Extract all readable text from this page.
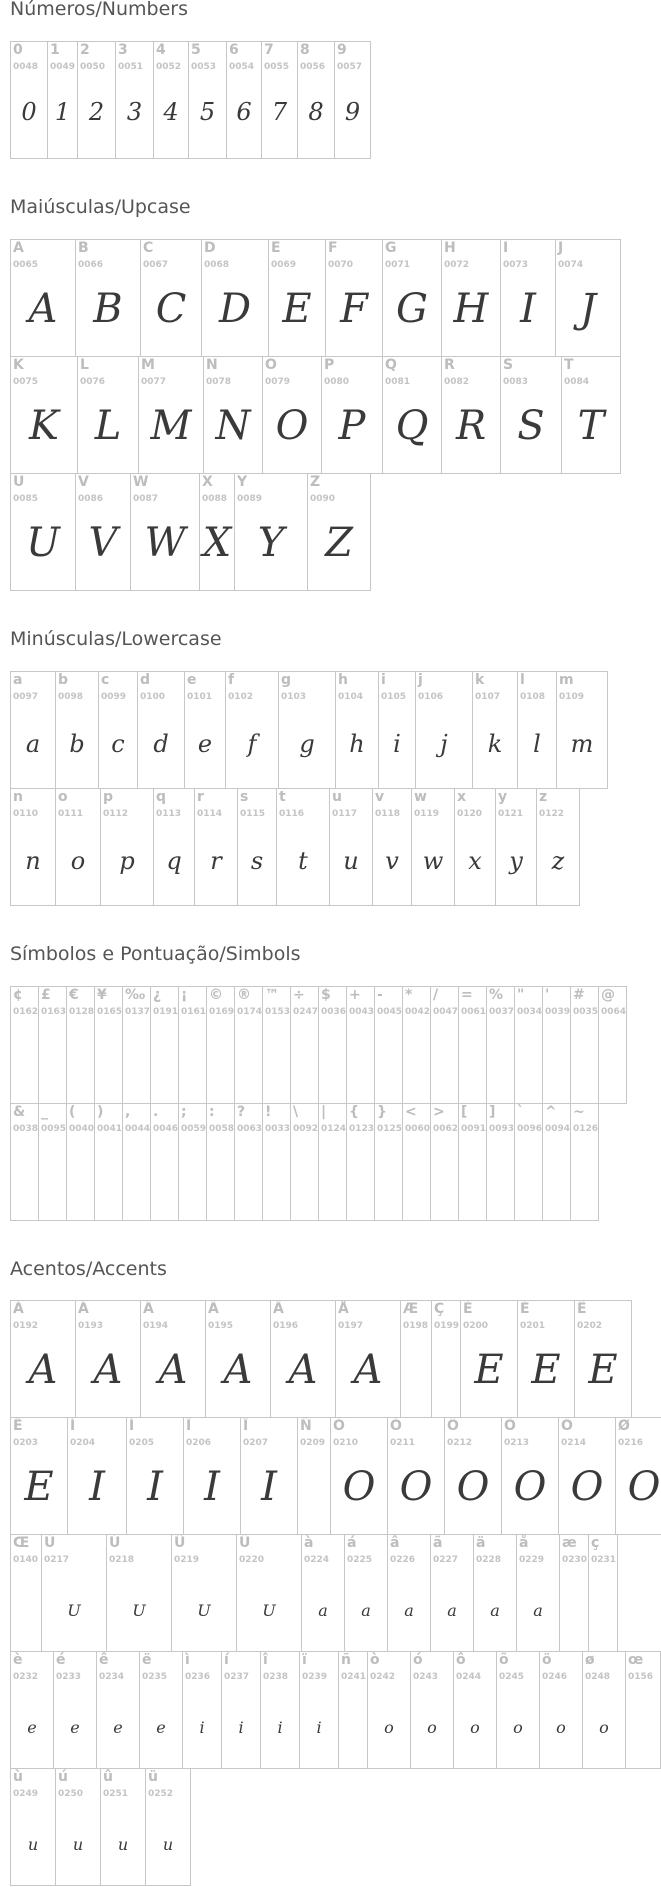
Números/Numbers
0
0048
0
1
0049
1
2
0050
2
3
0051
3
4
0052
4
5
0053
5
6
0054
6
7
0055
7
8
0056
8
9
0057
9
Maiúsculas/Upcase
A
0065
A
B
0066
B
C
0067
C
D
0068
D
E
0069
E
F
0070
F
G
0071
G
H
0072
H
I
0073
I
J
0074
J
K
0075
K
L
0076
L
M
0077
M
N
0078
N
O
0079
O
P
0080
P
Q
0081
Q
R
0082
R
S
0083
S
T
0084
T
U
0085
U
V
0086
V
W
0087
W
X
0088
X
Y
0089
Y
Z
0090
Z
Minúsculas/Lowercase
a
0097
a
b
0098
b
c
0099
c
d
0100
d
e
0101
e
f
0102
f
g
0103
g
h
0104
h
i
0105
i
j
0106
j
k
0107
k
l
0108
l
m
0109
m
n
0110
n
o
0111
o
p
0112
p
q
0113
q
r
0114
r
s
0115
s
t
0116
t
u
0117
u
v
0118
v
w
0119
w
x
0120
x
y
0121
y
z
0122
z
Símbolos e Pontuação/Simbols
¢
0162
£
0163
€
0128
¥
0165
‰
0137
¿
0191
¡
0161
©
0169
®
0174
™
0153
÷
0247
$
0036
+
0043
-
0045
*
0042
/
0047
=
0061
%
0037
"
0034
'
0039
#
0035
@
0064
&
0038
_
0095
(
0040
)
0041
,
0044
.
0046
;
0059
:
0058
?
0063
!
0033
\
0092
|
0124
{
0123
}
0125
<
0060
>
0062
[
0091
]
0093
`
0096
^
0094
~
0126
Acentos/Accents
À
0192
A
Á
0193
A
Â
0194
A
Ã
0195
A
Ä
0196
A
Å
0197
A
Æ
0198
Ç
0199
È
0200
E
É
0201
E
Ê
0202
E
Ë
0203
E
Ì
0204
I
Í
0205
I
Î
0206
I
Ï
0207
I
Ñ
0209
Ò
0210
O
Ó
0211
O
Ô
0212
O
Õ
0213
O
Ö
0214
O
Ø
0216
O
Œ
0140
Ù
0217
U
Ú
0218
U
Û
0219
U
Ü
0220
U
à
0224
a
á
0225
a
â
0226
a
ã
0227
a
ä
0228
a
å
0229
a
æ
0230
ç
0231
è
0232
e
é
0233
e
ê
0234
e
ë
0235
e
ì
0236
i
í
0237
i
î
0238
i
ï
0239
i
ñ
0241
ò
0242
o
ó
0243
o
ô
0244
o
õ
0245
o
ö
0246
o
ø
0248
o
œ
0156
ù
0249
u
ú
0250
u
û
0251
u
ü
0252
u
